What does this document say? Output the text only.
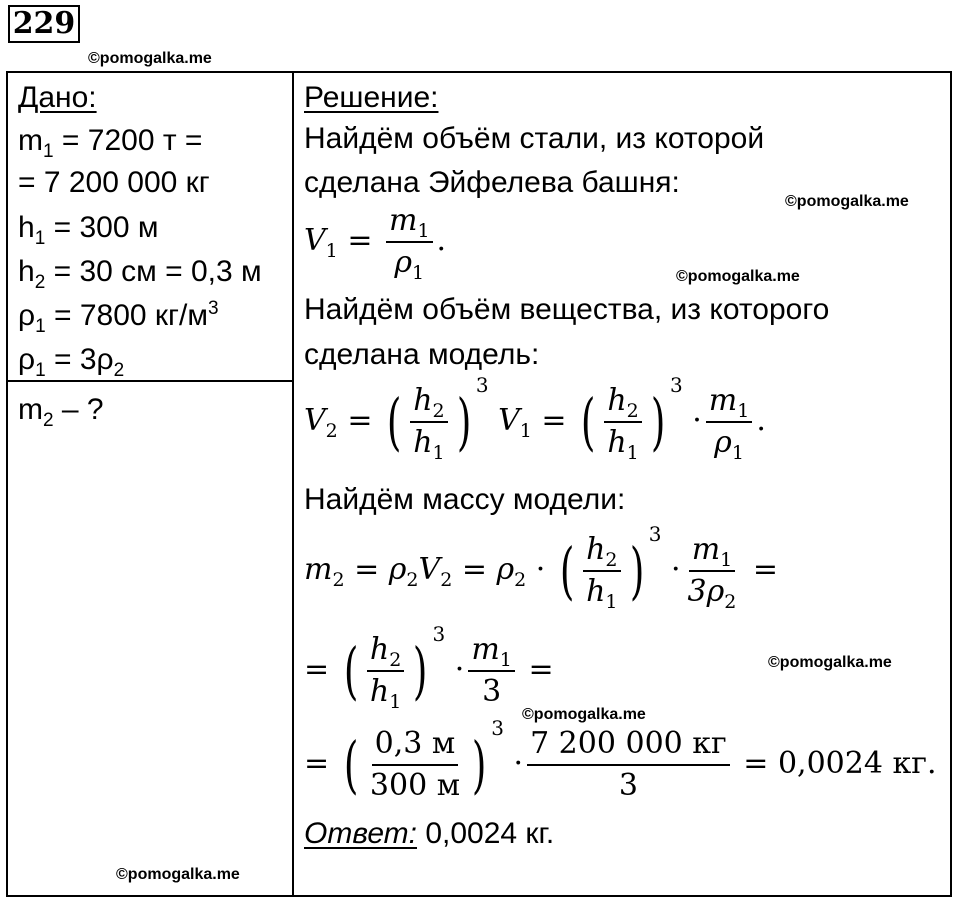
229
©pomogalka.me
Дано:
$m_1 = 7200$ т =
= 7 200 000 кг
$h_1 = 300$ м
$h_2 = 30$ см = 0,3 м
$\rho_1 = 7800$ $кг/м^3$
$\rho_1 = 3\rho_2$
$m_2$ – ?
©pomogalka.me
Решение:
Найдём объём стали, из которой
сделана Эйфелева башня:
©pomogalka.me
$V_1 = \frac{m_1}{\rho_1}$ .
©pomogalka.me
Найдём объём вещества, из которого
сделана модель:
$V_2$ = ( $\frac{h_2}{h_1}$ ) $^3$ $V_1$ = ( $\frac{h_2}{h_1}$ ) $^3 \cdot \frac{m_1}{\rho_1}$ .
Найдём массу модели:
$m_2 = \rho_2V_2 = \rho_2$ · ( $\frac{h_2}{h_1}$ ) $^3 \cdot \frac{m_1}{3\rho_2}$ =
= ( $\frac{h_2}{h_1}$ ) $^3 \cdot \frac{m_1}{3}$ =	©pomogalka.me
©pomogalka.me
= ( $\frac{0,3 м}{300 м}$ ) $^3 \cdot \frac{7 200 000 кг}{3} = 0,0024$ кг.
Ответ: 0,0024 кг.
